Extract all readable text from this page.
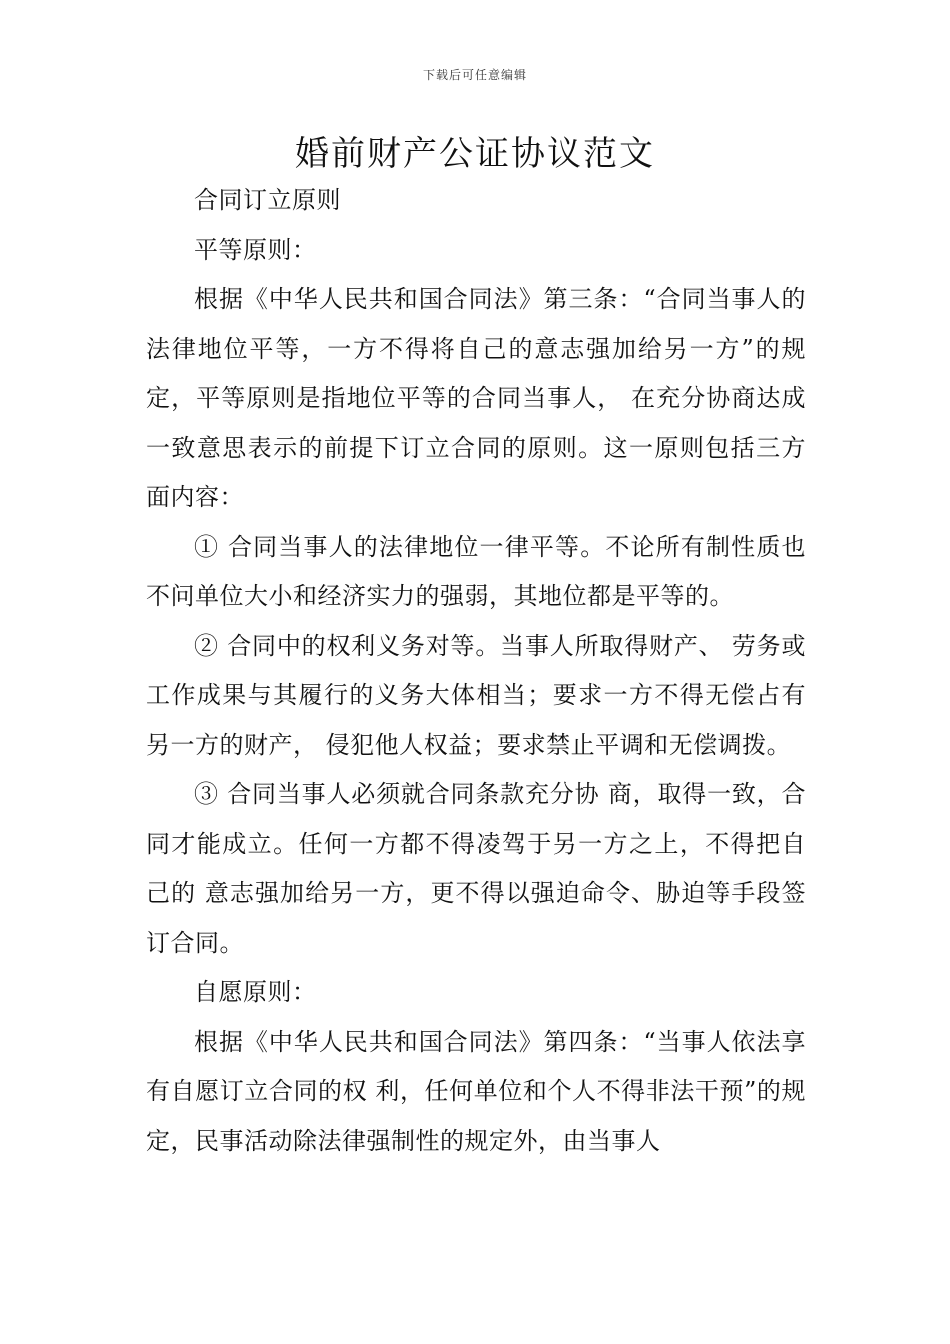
下载后可任意编辑
婚前财产公证协议范文

合同订立原则

平等原则：

根据《中华人民共和国合同法》第三条：“合同当事人的法律地位平等，一方不得将自己的意志强加给另一方”的规定，平等原则是指地位平等的合同当事人， 在充分协商达成一致意思表示的前提下订立合同的原则。这一原则包括三方面内容：

① 合同当事人的法律地位一律平等。不论所有制性质也不问单位大小和经济实力的强弱，其地位都是平等的。

② 合同中的权利义务对等。当事人所取得财产、 劳务或工作成果与其履行的义务大体相当；要求一方不得无偿占有另一方的财产， 侵犯他人权益；要求禁止平调和无偿调拨。

③ 合同当事人必须就合同条款充分协 商，取得一致，合同才能成立。任何一方都不得凌驾于另一方之上，不得把自己的 意志强加给另一方，更不得以强迫命令、胁迫等手段签订合同。

自愿原则：

根据《中华人民共和国合同法》第四条：“当事人依法享有自愿订立合同的权 利，任何单位和个人不得非法干预”的规定，民事活动除法律强制性的规定外，由当事人
